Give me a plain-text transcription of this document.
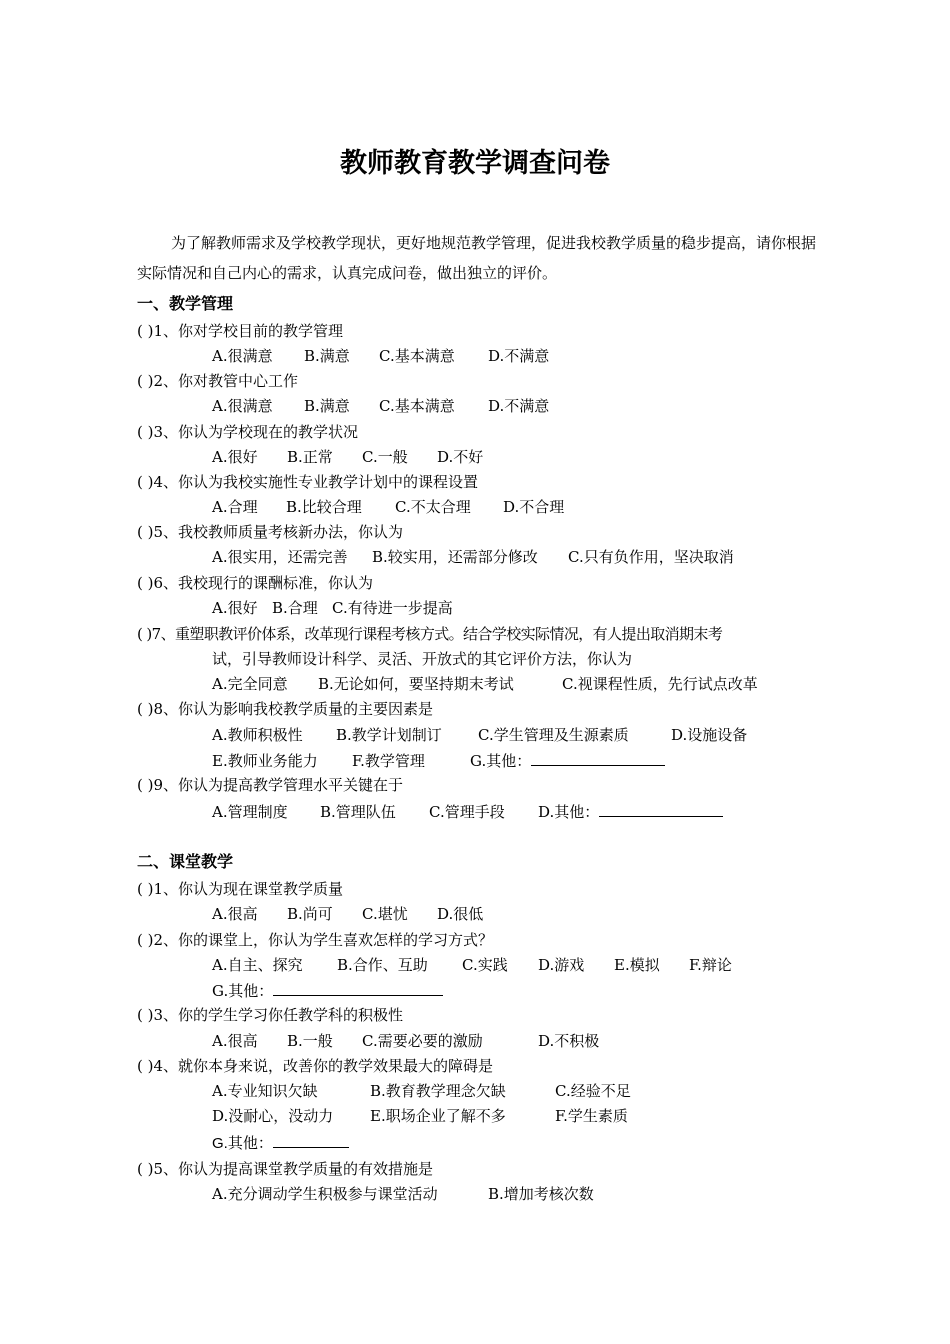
教师教育教学调查问卷
为了解教师需求及学校教学现状，更好地规范教学管理，促进我校教学质量的稳步提高，请你根据实际情况和自己内心的需求，认真完成问卷，做出独立的评价。
一、教学管理
( )1、你对学校目前的教学管理
A.很满意 B.满意 C.基本满意 D.不满意
( )2、你对教管中心工作
A.很满意 B.满意 C.基本满意 D.不满意
( )3、你认为学校现在的教学状况
A.很好 B.正常 C.一般 D.不好
( )4、你认为我校实施性专业教学计划中的课程设置
A.合理 B.比较合理 C.不太合理 D.不合理
( )5、我校教师质量考核新办法，你认为
A.很实用，还需完善 B.较实用，还需部分修改 C.只有负作用，坚决取消
( )6、我校现行的课酬标准，你认为
A.很好 B.合理 C.有待进一步提高
( )7、重塑职教评价体系，改革现行课程考核方式。结合学校实际情况，有人提出取消期末考
试，引导教师设计科学、灵活、开放式的其它评价方法，你认为
A.完全同意 B.无论如何，要坚持期末考试	C.视课程性质，先行试点改革
( )8、你认为影响我校教学质量的主要因素是
A.教师积极性 B.教学计划制订 C.学生管理及生源素质	D.设施设备
E.教师业务能力 F.教学管理	G.其他：
( )9、你认为提高教学管理水平关键在于
A.管理制度 B.管理队伍 C.管理手段 D.其他：
二、课堂教学
( )1、你认为现在课堂教学质量
A.很高 B.尚可 C.堪忧 D.很低
( )2、你的课堂上，你认为学生喜欢怎样的学习方式？
A.自主、探究 B.合作、互助 C.实践 D.游戏 E.模拟 F.辩论
G.其他：
( )3、你的学生学习你任教学科的积极性
A.很高 B.一般 C.需要必要的激励	D.不积极
( )4、就你本身来说，改善你的教学效果最大的障碍是
A.专业知识欠缺	B.教育教学理念欠缺	C.经验不足
D.没耐心，没动力 E.职场企业了解不多	F.学生素质
G.其他：
( )5、你认为提高课堂教学质量的有效措施是
A.充分调动学生积极参与课堂活动	B.增加考核次数
